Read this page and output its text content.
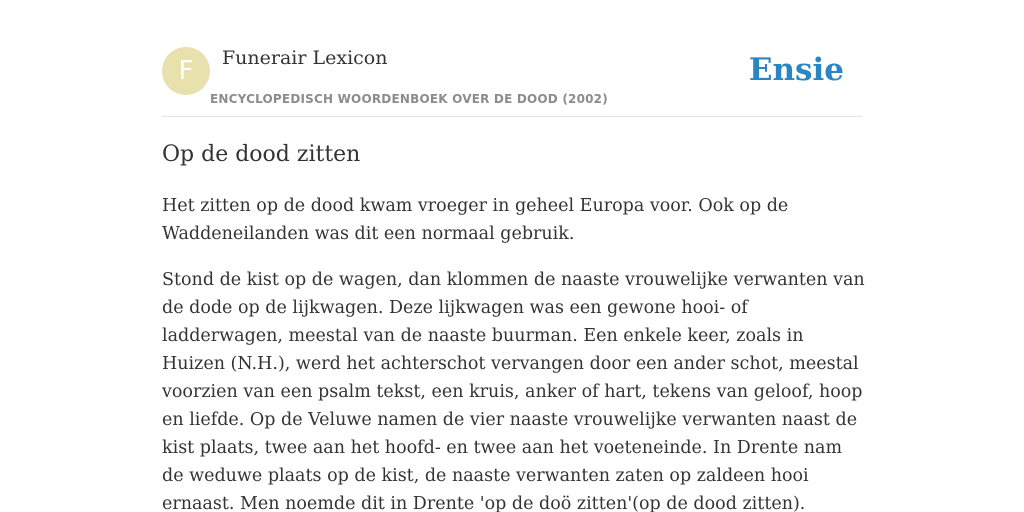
F	Funerair Lexicon
ENCYCLOPEDISCH WOORDENBOEK OVER DE DOOD (2002)
Ensie
Op de dood zitten

Het zitten op de dood kwam vroeger in geheel Europa voor. Ook op de Waddeneilanden was dit een normaal gebruik.

Stond de kist op de wagen, dan klommen de naaste vrouwelijke verwanten van de dode op de lijkwagen. Deze lijkwagen was een gewone hooi- of ladderwagen, meestal van de naaste buurman. Een enkele keer, zoals in Huizen (N.H.), werd het achterschot vervangen door een ander schot, meestal voorzien van een psalm tekst, een kruis, anker of hart, tekens van geloof, hoop en liefde. Op de Veluwe namen de vier naaste vrouwelijke verwanten naast de kist plaats, twee aan het hoofd- en twee aan het voeteneinde. In Drente nam de weduwe plaats op de kist, de naaste verwanten zaten op zaldeen hooi ernaast. Men noemde dit in Drente 'op de doö zitten'(op de dood zitten).
